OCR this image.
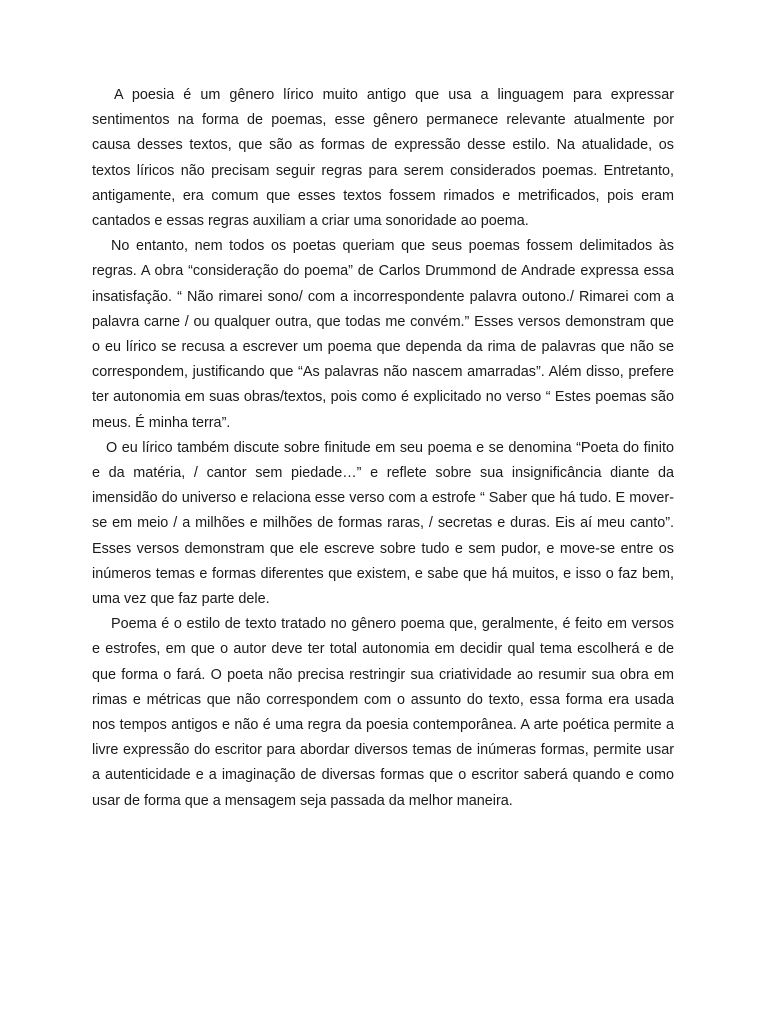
A poesia é um gênero lírico muito antigo que usa a linguagem para expressar sentimentos na forma de poemas, esse gênero permanece relevante atualmente por causa desses textos, que são as formas de expressão desse estilo. Na atualidade, os textos líricos não precisam seguir regras para serem considerados poemas. Entretanto, antigamente, era comum que esses textos fossem rimados e metrificados, pois eram cantados e essas regras auxiliam a criar uma sonoridade ao poema.

No entanto, nem todos os poetas queriam que seus poemas fossem delimitados às regras. A obra “consideração do poema” de Carlos Drummond de Andrade expressa essa insatisfação. “ Não rimarei sono/ com a incorrespondente palavra outono./ Rimarei com a palavra carne / ou qualquer outra, que todas me convém.” Esses versos demonstram que o eu lírico se recusa a escrever um poema que dependa da rima de palavras que não se correspondem, justificando que “As palavras não nascem amarradas”. Além disso, prefere ter autonomia em suas obras/textos, pois como é explicitado no verso “ Estes poemas são meus. É minha terra”.

O eu lírico também discute sobre finitude em seu poema e se denomina “Poeta do finito e da matéria, / cantor sem piedade…” e reflete sobre sua insignificância diante da imensidão do universo e relaciona esse verso com a estrofe “ Saber que há tudo. E mover-se em meio / a milhões e milhões de formas raras, / secretas e duras. Eis aí meu canto”. Esses versos demonstram que ele escreve sobre tudo e sem pudor, e move-se entre os inúmeros temas e formas diferentes que existem, e sabe que há muitos, e isso o faz bem, uma vez que faz parte dele.

Poema é o estilo de texto tratado no gênero poema que, geralmente, é feito em versos e estrofes, em que o autor deve ter total autonomia em decidir qual tema escolherá e de que forma o fará. O poeta não precisa restringir sua criatividade ao resumir sua obra em rimas e métricas que não correspondem com o assunto do texto, essa forma era usada nos tempos antigos e não é uma regra da poesia contemporânea. A arte poética permite a livre expressão do escritor para abordar diversos temas de inúmeras formas, permite usar a autenticidade e a imaginação de diversas formas que o escritor saberá quando e como usar de forma que a mensagem seja passada da melhor maneira.
